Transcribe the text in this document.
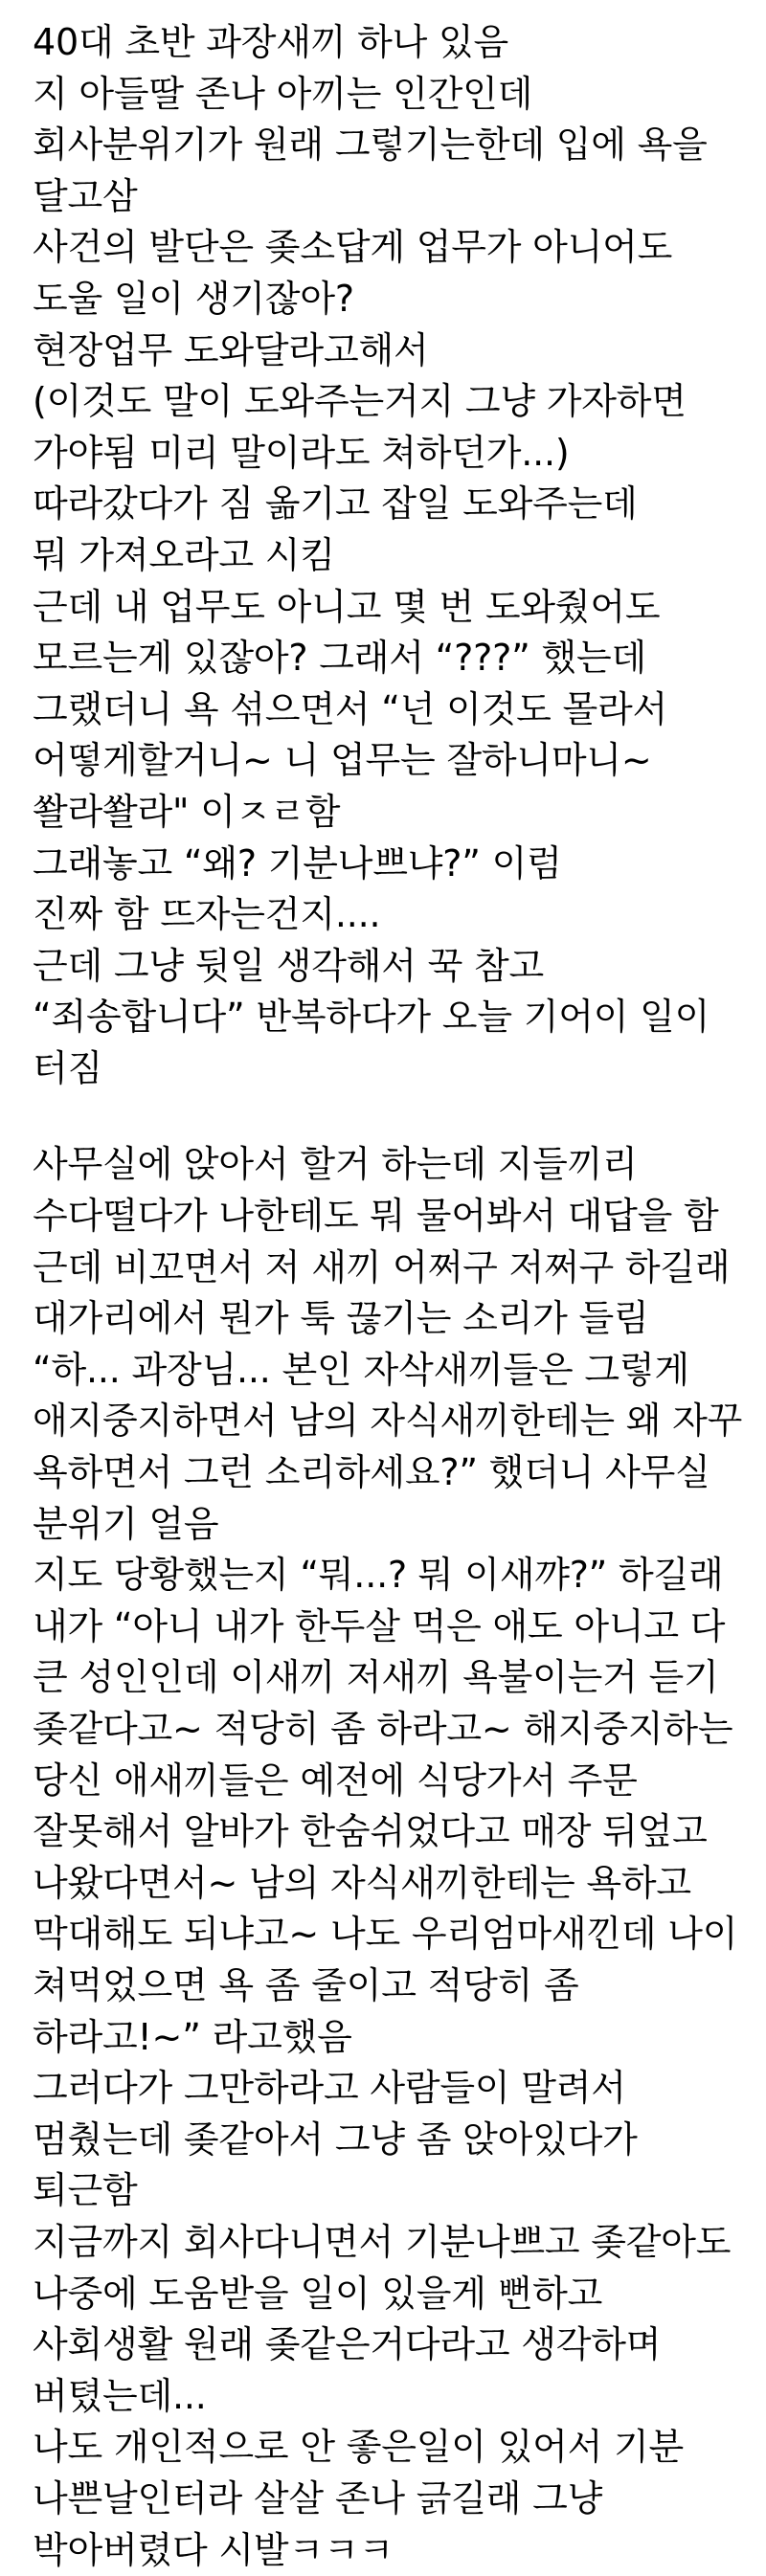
40대 초반 과장새끼 하나 있음
지 아들딸 존나 아끼는 인간인데
회사분위기가 원래 그렇기는한데 입에 욕을
달고삼
사건의 발단은 좆소답게 업무가 아니어도
도울 일이 생기잖아?
현장업무 도와달라고해서
(이것도 말이 도와주는거지 그냥 가자하면
가야됨 미리 말이라도 쳐하던가...)
따라갔다가 짐 옮기고 잡일 도와주는데
뭐 가져오라고 시킴
근데 내 업무도 아니고 몇 번 도와줬어도
모르는게 있잖아? 그래서 “???” 했는데
그랬더니 욕 섞으면서 “넌 이것도 몰라서
어떻게할거니~ 니 업무는 잘하니마니~
쏼라쏼라" 이ㅈㄹ함
그래놓고 “왜? 기분나쁘냐?” 이럼
진짜 함 뜨자는건지....
근데 그냥 뒷일 생각해서 꾹 참고
“죄송합니다” 반복하다가 오늘 기어이 일이
터짐
사무실에 앉아서 할거 하는데 지들끼리
수다떨다가 나한테도 뭐 물어봐서 대답을 함
근데 비꼬면서 저 새끼 어쩌구 저쩌구 하길래
대가리에서 뭔가 툭 끊기는 소리가 들림
“하... 과장님... 본인 자삭새끼들은 그렇게
애지중지하면서 남의 자식새끼한테는 왜 자꾸
욕하면서 그런 소리하세요?” 했더니 사무실
분위기 얼음
지도 당황했는지 “뭐...? 뭐 이새꺄?” 하길래
내가 “아니 내가 한두살 먹은 애도 아니고 다
큰 성인인데 이새끼 저새끼 욕불이는거 듣기
좆같다고~ 적당히 좀 하라고~ 해지중지하는
당신 애새끼들은 예전에 식당가서 주문
잘못해서 알바가 한숨쉬었다고 매장 뒤엎고
나왔다면서~ 남의 자식새끼한테는 욕하고
막대해도 되냐고~ 나도 우리엄마새낀데 나이
쳐먹었으면 욕 좀 줄이고 적당히 좀
하라고!~” 라고했음
그러다가 그만하라고 사람들이 말려서
멈췄는데 좆같아서 그냥 좀 앉아있다가
퇴근함
지금까지 회사다니면서 기분나쁘고 좆같아도
나중에 도움받을 일이 있을게 뻔하고
사회생활 원래 좆같은거다라고 생각하며
버텼는데...
나도 개인적으로 안 좋은일이 있어서 기분
나쁜날인터라 살살 존나 긁길래 그냥
박아버렸다 시발ㅋㅋㅋ
